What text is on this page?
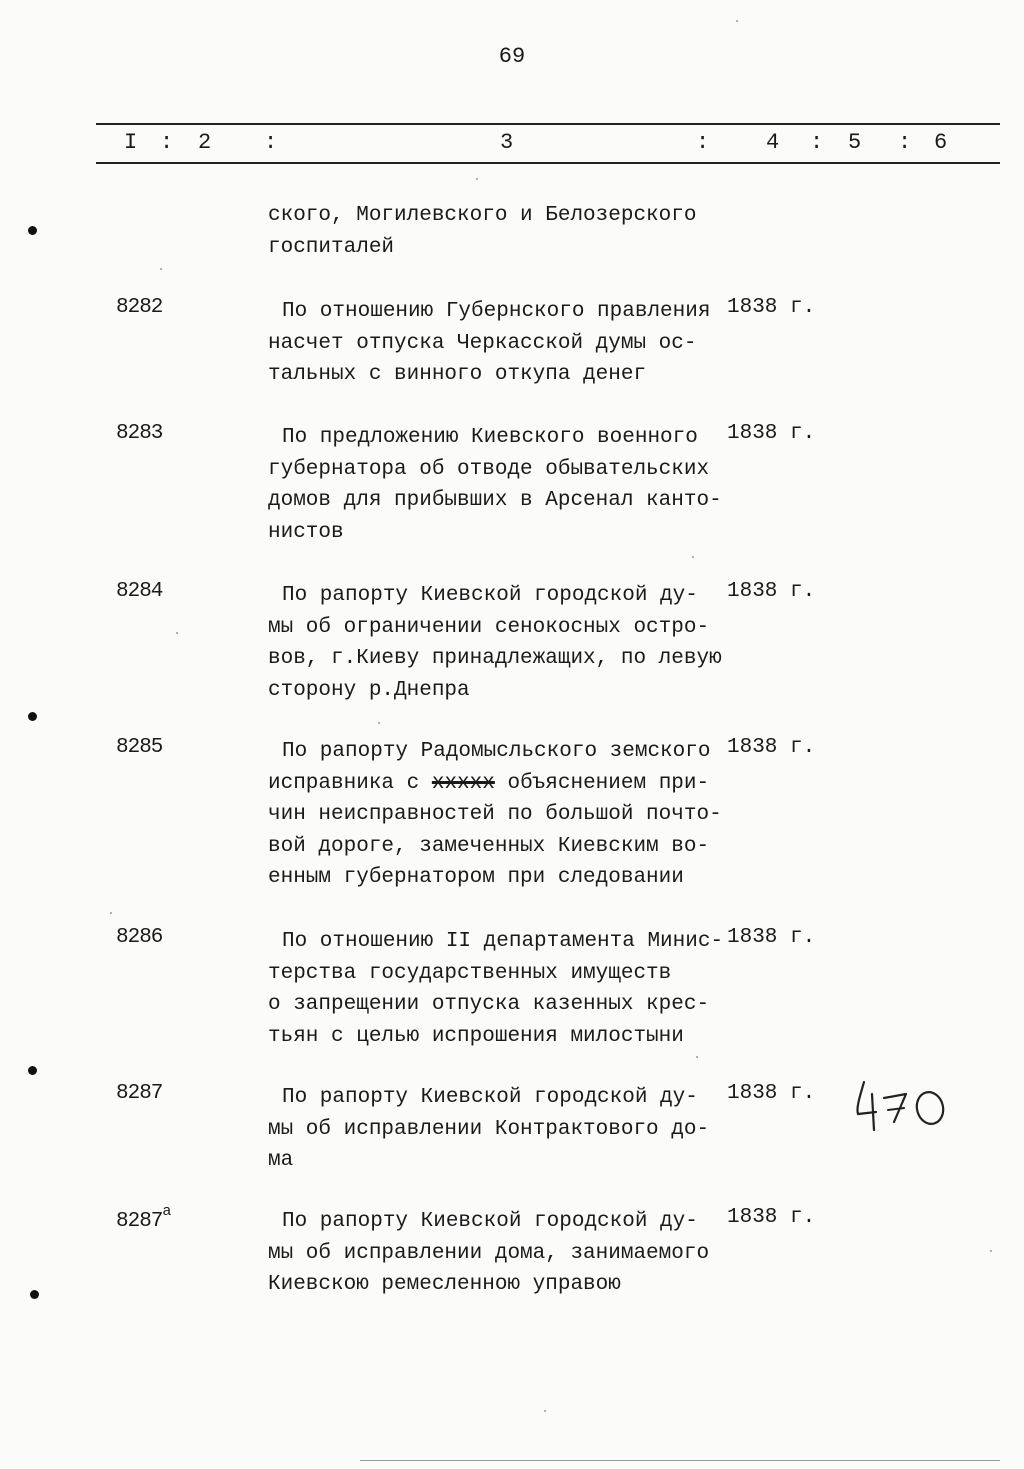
69
I : 2 :	3	:	4 : 5 : 6
ского, Могилевского и Белозерского
госпиталей
8282	По отношению Губернского правления
насчет отпуска Черкасской думы ос-
тальных с винного откупа денег
1838 г.
8283	По предложению Киевского военного
губернатора об отводе обывательских
домов для прибывших в Арсенал канто-
нистов
1838 г.
8284	По рапорту Киевской городской ду-
мы об ограничении сенокосных остро-
вов, г.Киеву принадлежащих, по левую
сторону р.Днепра
1838 г.
8285	По рапорту Радомысльского земского
исправника с ххххх объяснением при-
чин неисправностей по большой почто-
вой дороге, замеченных Киевским во-
енным губернатором при следовании
1838 г.
8286	По отношению II департамента Минис-
терства государственных имуществ
о запрещении отпуска казенных крес-
тьян с целью испрошения милостыни
1838 г.
8287	По рапорту Киевской городской ду-
мы об исправлении Контрактового до-
ма
1838 г.
$8287^а$	По рапорту Киевской городской ду-
мы об исправлении дома, занимаемого
Киевскою ремесленною управою
1838 г.
